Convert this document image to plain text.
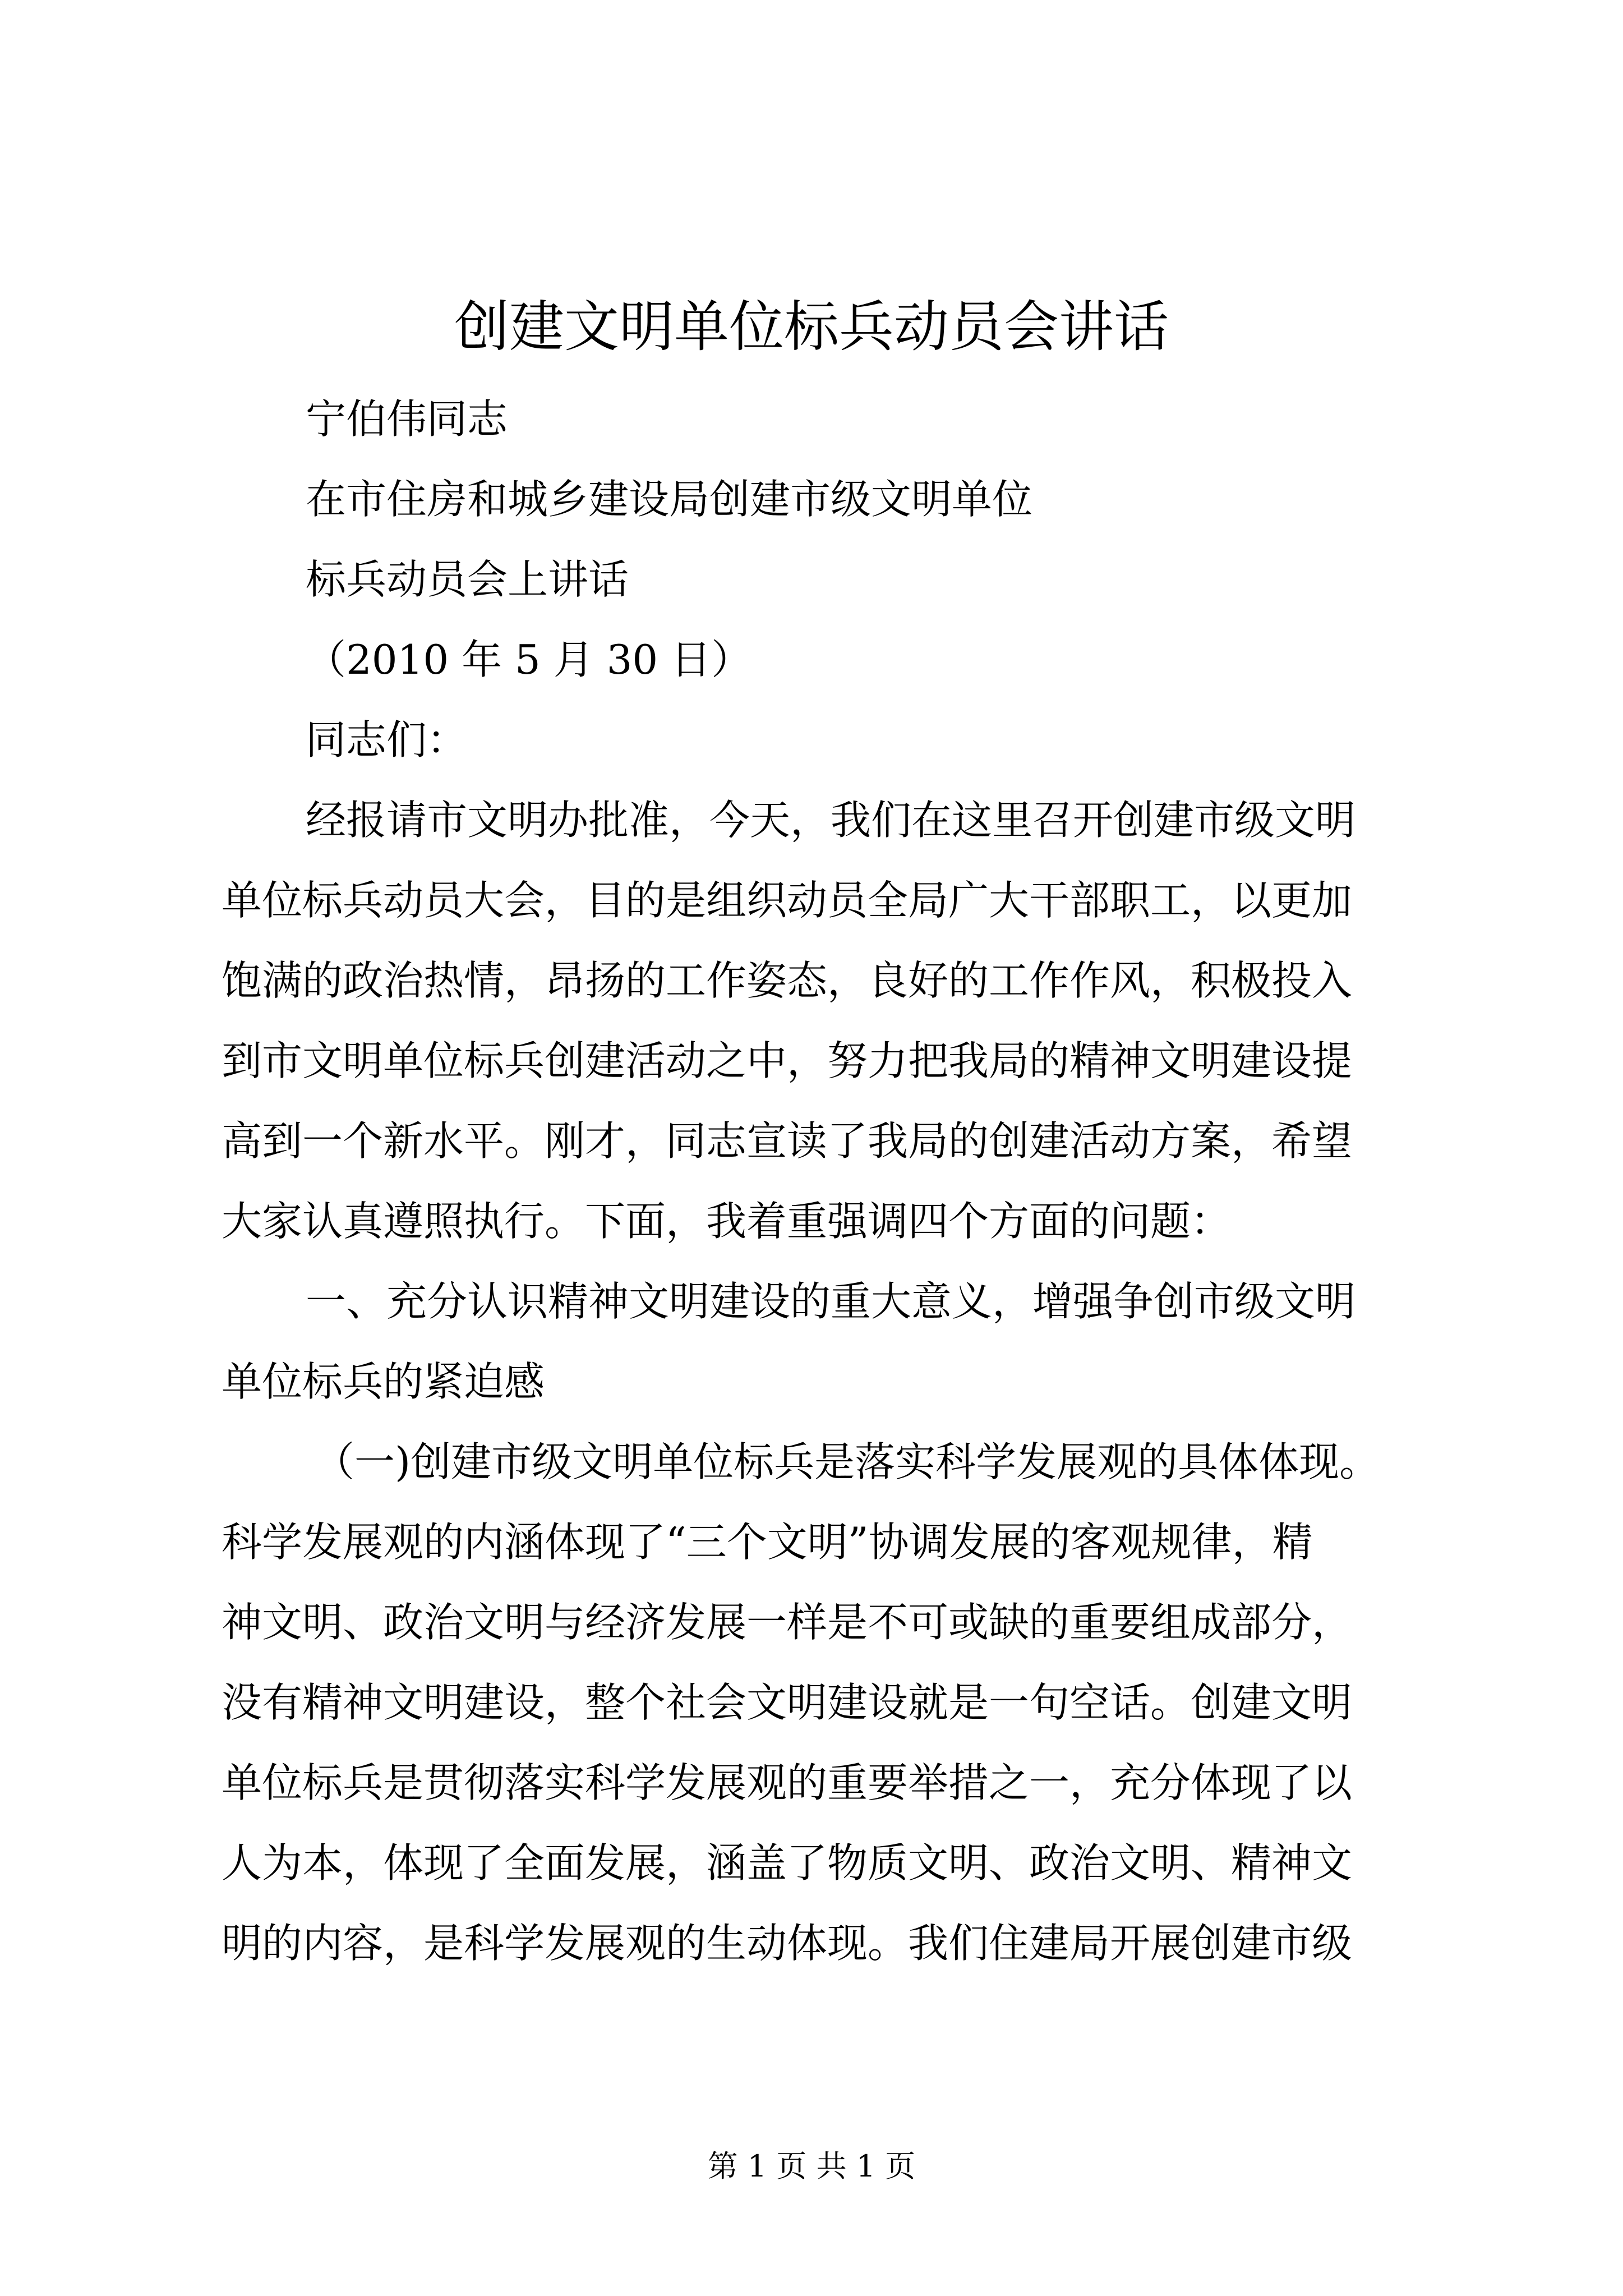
创建文明单位标兵动员会讲话
宁伯伟同志
在市住房和城乡建设局创建市级文明单位
标兵动员会上讲话
（2010 年 5 月 30 日）
同志们：
经报请市文明办批准，今天，我们在这里召开创建市级文明
单位标兵动员大会，目的是组织动员全局广大干部职工，以更加
饱满的政治热情，昂扬的工作姿态，良好的工作作风，积极投入
到市文明单位标兵创建活动之中，努力把我局的精神文明建设提
高到一个新水平。刚才，同志宣读了我局的创建活动方案，希望
大家认真遵照执行。下面，我着重强调四个方面的问题：
一、充分认识精神文明建设的重大意义，增强争创市级文明
单位标兵的紧迫感
（一)创建市级文明单位标兵是落实科学发展观的具体体现。
科学发展观的内涵体现了“三个文明”协调发展的客观规律，精
神文明、政治文明与经济发展一样是不可或缺的重要组成部分，
没有精神文明建设，整个社会文明建设就是一句空话。创建文明
单位标兵是贯彻落实科学发展观的重要举措之一，充分体现了以
人为本，体现了全面发展，涵盖了物质文明、政治文明、精神文
明的内容，是科学发展观的生动体现。我们住建局开展创建市级
第 1 页 共 1 页
